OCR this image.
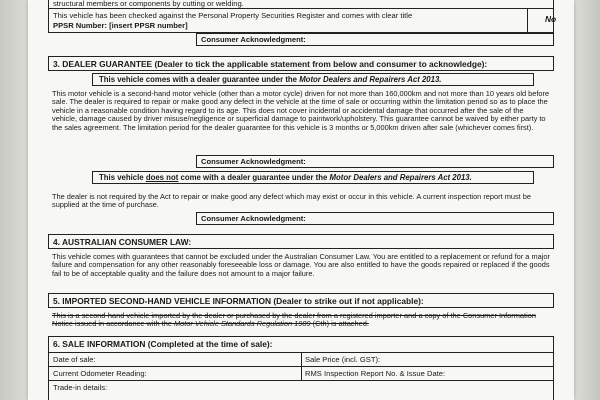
structural members or components by cutting or welding.
This vehicle has been checked against the Personal Property Securities Register and comes with clear title
PPSR Number: [insert PPSR number]
No
Consumer Acknowledgment:
3. DEALER GUARANTEE (Dealer to tick the applicable statement from below and consumer to acknowledge):
This vehicle comes with a dealer guarantee under the Motor Dealers and Repairers Act 2013.
This motor vehicle is a second-hand motor vehicle (other than a motor cycle) driven for not more than 160,000km and not more than 10 years old before sale. The dealer is required to repair or make good any defect in the vehicle at the time of sale or occurring within the limitation period so as to place the vehicle in a reasonable condition having regard to its age. This does not cover incidental or accidental damage that occurred after the sale of the vehicle, damage caused by driver misuse/negligence or superficial damage to paintwork/upholstery. This guarantee cannot be waived by either party to the sales agreement. The limitation period for the dealer guarantee for this vehicle is 3 months or 5,000km driven after sale (whichever comes first).
Consumer Acknowledgment:
This vehicle does not come with a dealer guarantee under the Motor Dealers and Repairers Act 2013.
The dealer is not required by the Act to repair or make good any defect which may exist or occur in this vehicle. A current inspection report must be supplied at the time of purchase.
Consumer Acknowledgment:
4. AUSTRALIAN CONSUMER LAW:
This vehicle comes with guarantees that cannot be excluded under the Australian Consumer Law. You are entitled to a replacement or refund for a major failure and compensation for any other reasonably foreseeable loss or damage. You are also entitled to have the goods repaired or replaced if the goods fail to be of acceptable quality and the failure does not amount to a major failure.
5. IMPORTED SECOND-HAND VEHICLE INFORMATION (Dealer to strike out if not applicable):
This is a second-hand vehicle imported by the dealer or purchased by the dealer from a registered importer and a copy of the Consumer Information Notice issued in accordance with the Motor Vehicle Standards Regulation 1989 (Cth) is attached.
6. SALE INFORMATION (Completed at the time of sale):
Date of sale:	Sale Price (incl. GST):
Current Odometer Reading:	RMS Inspection Report No. & Issue Date:
Trade-in details:
